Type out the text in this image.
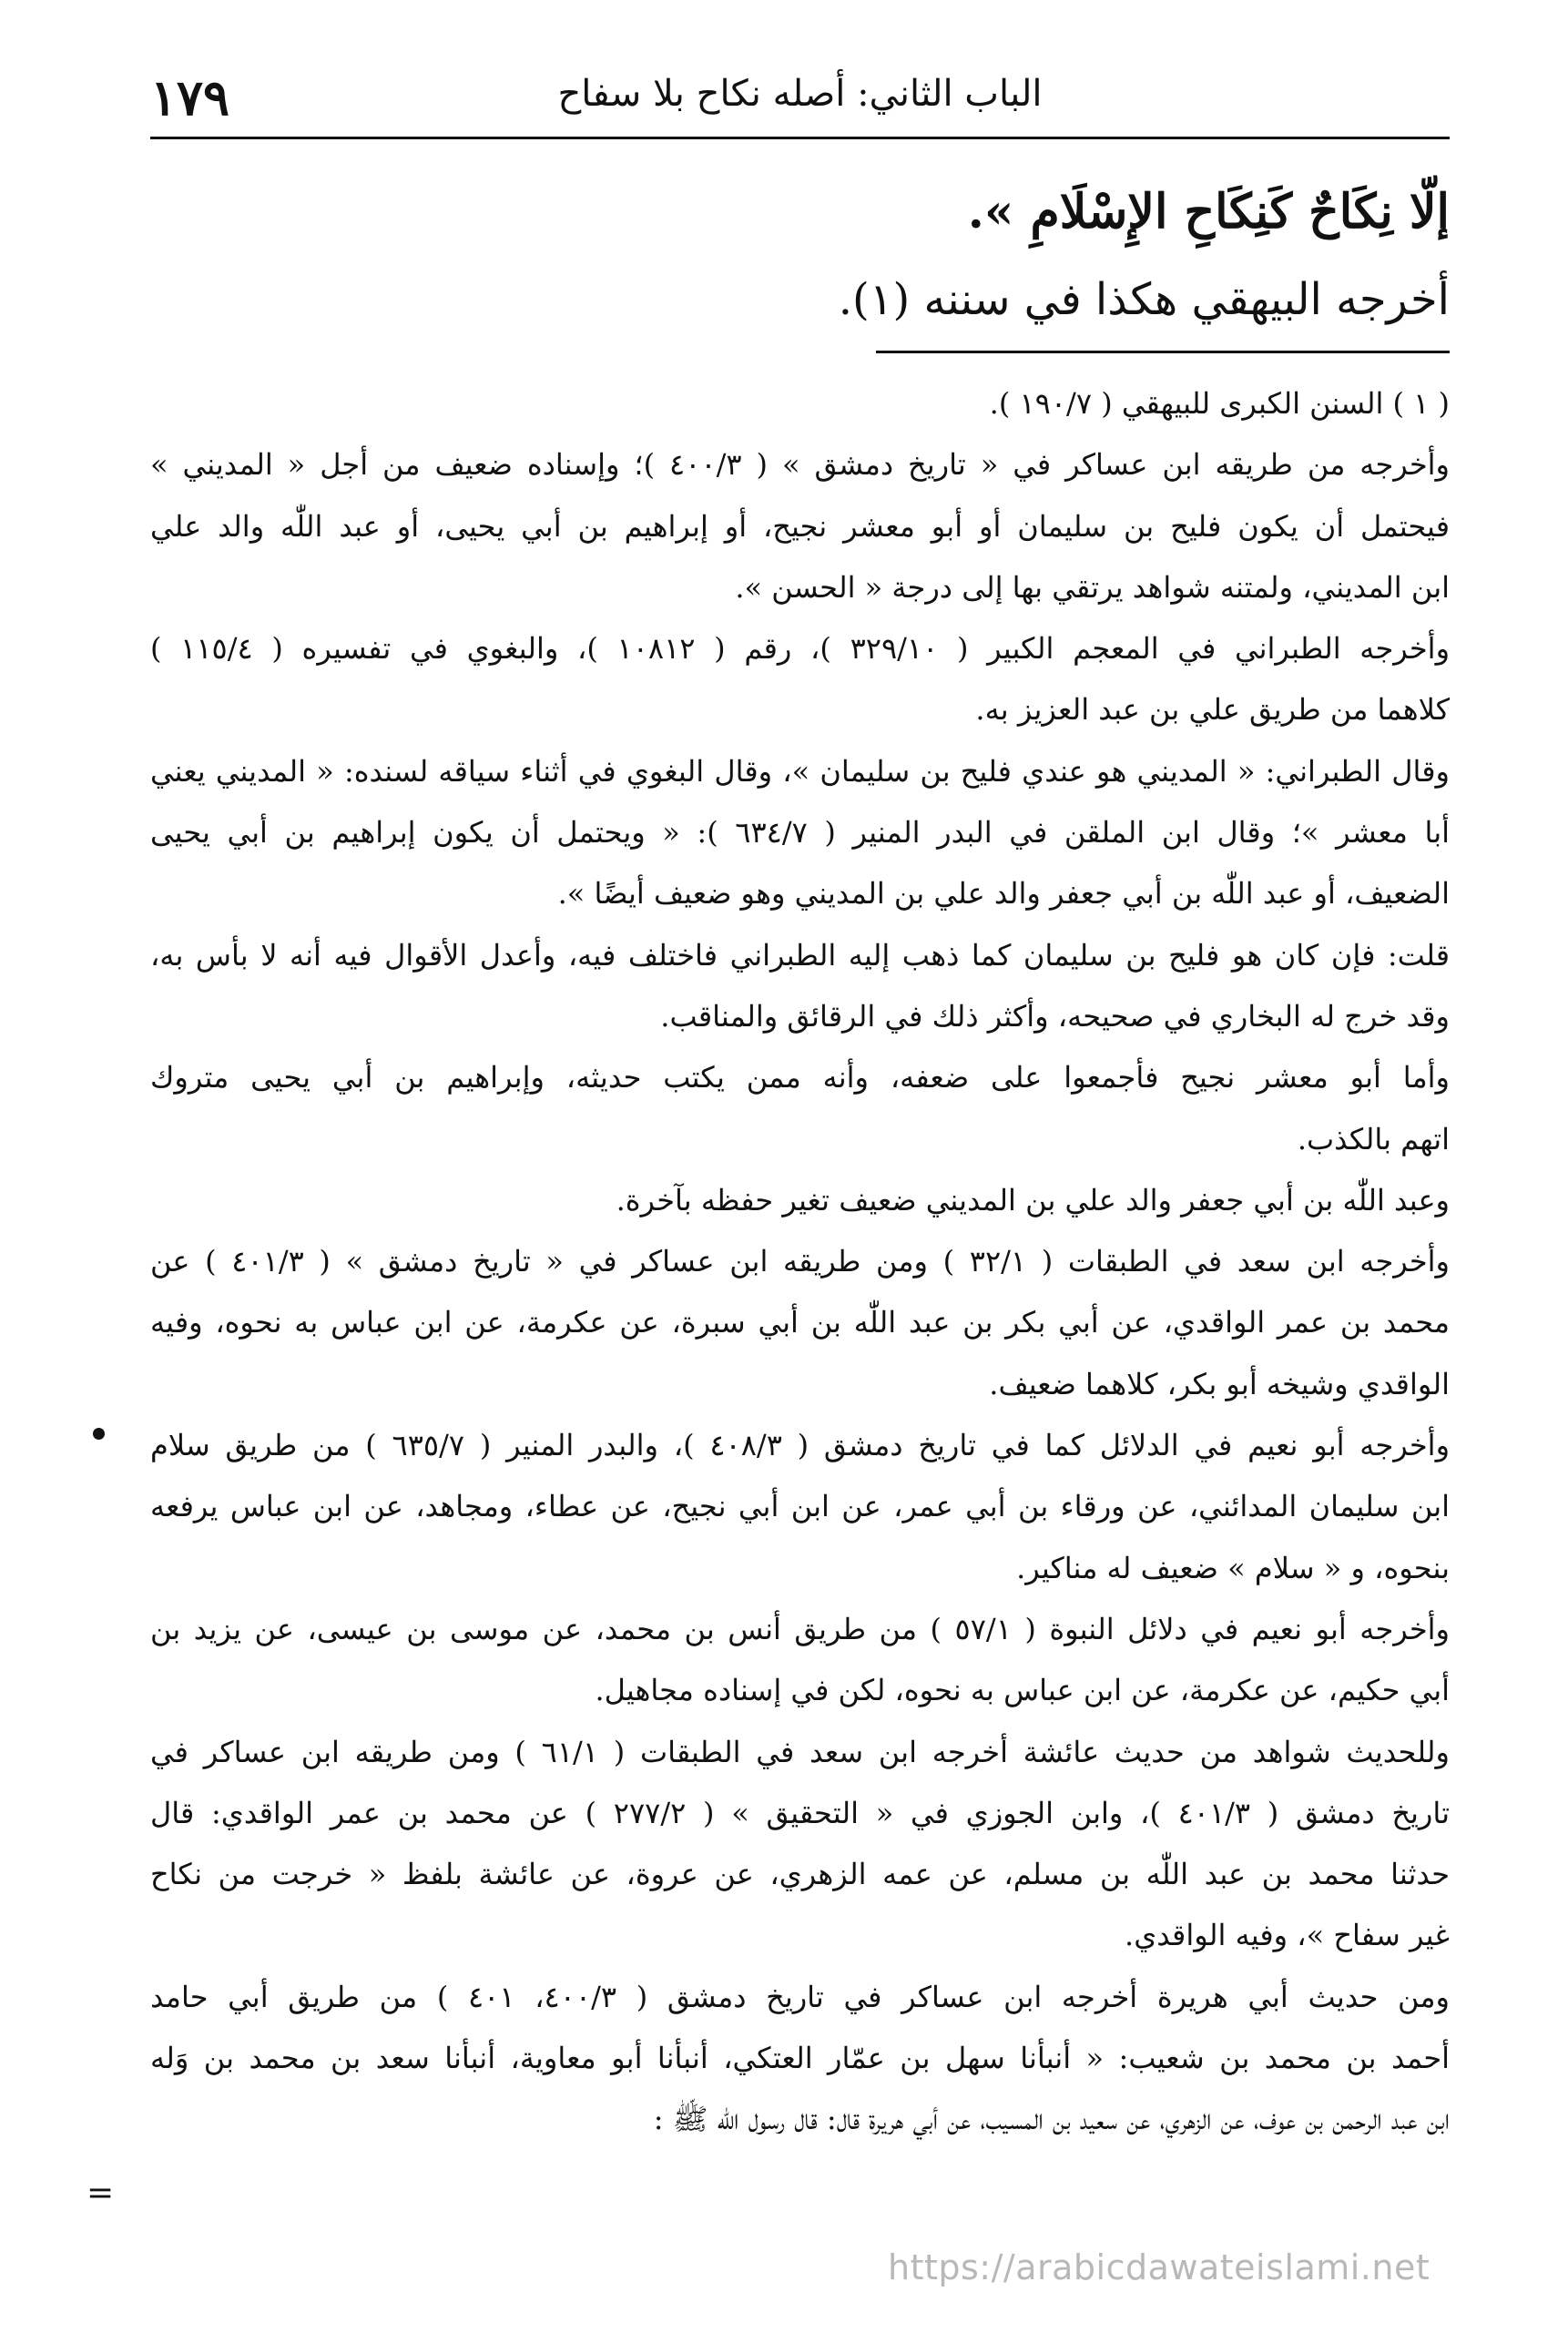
١٧٩	الباب الثاني: أصله نكاح بلا سفاح
إلّا نِكَاحٌ كَنِكَاحِ الإِسْلَامِ ».
أخرجه البيهقي هكذا في سننه (١).
( ١ ) السنن الكبرى للبيهقي ( ١٩٠/٧ ).
وأخرجه من طريقه ابن عساكر في « تاريخ دمشق » ( ٤٠٠/٣ )؛ وإسناده ضعيف من أجل « المديني »
فيحتمل أن يكون فليح بن سليمان أو أبو معشر نجيح، أو إبراهيم بن أبي يحيى، أو عبد اللّٰه والد علي
ابن المديني، ولمتنه شواهد يرتقي بها إلى درجة « الحسن ».
وأخرجه الطبراني في المعجم الكبير ( ٣٢٩/١٠ )، رقم ( ١٠٨١٢ )، والبغوي في تفسيره ( ١١٥/٤ )
كلاهما من طريق علي بن عبد العزيز به.
وقال الطبراني: « المديني هو عندي فليح بن سليمان »، وقال البغوي في أثناء سياقه لسنده: « المديني يعني
أبا معشر »؛ وقال ابن الملقن في البدر المنير ( ٦٣٤/٧ ): « ويحتمل أن يكون إبراهيم بن أبي يحيى
الضعيف، أو عبد اللّٰه بن أبي جعفر والد علي بن المديني وهو ضعيف أيضًا ».
قلت: فإن كان هو فليح بن سليمان كما ذهب إليه الطبراني فاختلف فيه، وأعدل الأقوال فيه أنه لا بأس به،
وقد خرج له البخاري في صحيحه، وأكثر ذلك في الرقائق والمناقب.
وأما أبو معشر نجيح فأجمعوا على ضعفه، وأنه ممن يكتب حديثه، وإبراهيم بن أبي يحيى متروك
اتهم بالكذب.
وعبد اللّٰه بن أبي جعفر والد علي بن المديني ضعيف تغير حفظه بآخرة.
وأخرجه ابن سعد في الطبقات ( ٣٢/١ ) ومن طريقه ابن عساكر في « تاريخ دمشق » ( ٤٠١/٣ ) عن
محمد بن عمر الواقدي، عن أبي بكر بن عبد اللّٰه بن أبي سبرة، عن عكرمة، عن ابن عباس به نحوه، وفيه
الواقدي وشيخه أبو بكر، كلاهما ضعيف.
وأخرجه أبو نعيم في الدلائل كما في تاريخ دمشق ( ٤٠٨/٣ )، والبدر المنير ( ٦٣٥/٧ ) من طريق سلام
ابن سليمان المدائني، عن ورقاء بن أبي عمر، عن ابن أبي نجيح، عن عطاء، ومجاهد، عن ابن عباس يرفعه
بنحوه، و « سلام » ضعيف له مناكير.
وأخرجه أبو نعيم في دلائل النبوة ( ٥٧/١ ) من طريق أنس بن محمد، عن موسى بن عيسى، عن يزيد بن
أبي حكيم، عن عكرمة، عن ابن عباس به نحوه، لكن في إسناده مجاهيل.
وللحديث شواهد من حديث عائشة أخرجه ابن سعد في الطبقات ( ٦١/١ ) ومن طريقه ابن عساكر في
تاريخ دمشق ( ٤٠١/٣ )، وابن الجوزي في « التحقيق » ( ٢٧٧/٢ ) عن محمد بن عمر الواقدي: قال
حدثنا محمد بن عبد اللّٰه بن مسلم، عن عمه الزهري، عن عروة، عن عائشة بلفظ « خرجت من نكاح
غير سفاح »، وفيه الواقدي.
ومن حديث أبي هريرة أخرجه ابن عساكر في تاريخ دمشق ( ٤٠٠/٣، ٤٠١ ) من طريق أبي حامد
أحمد بن محمد بن شعيب: « أنبأنا سهل بن عمّار العتكي، أنبأنا أبو معاوية، أنبأنا سعد بن محمد بن وَله
ابن عبد الرحمن بن عوف، عن الزهري، عن سعيد بن المسيب، عن أبي هريرة قال: قال رسول اللّٰه ﷺ :
=
https://arabicdawateislami.net
